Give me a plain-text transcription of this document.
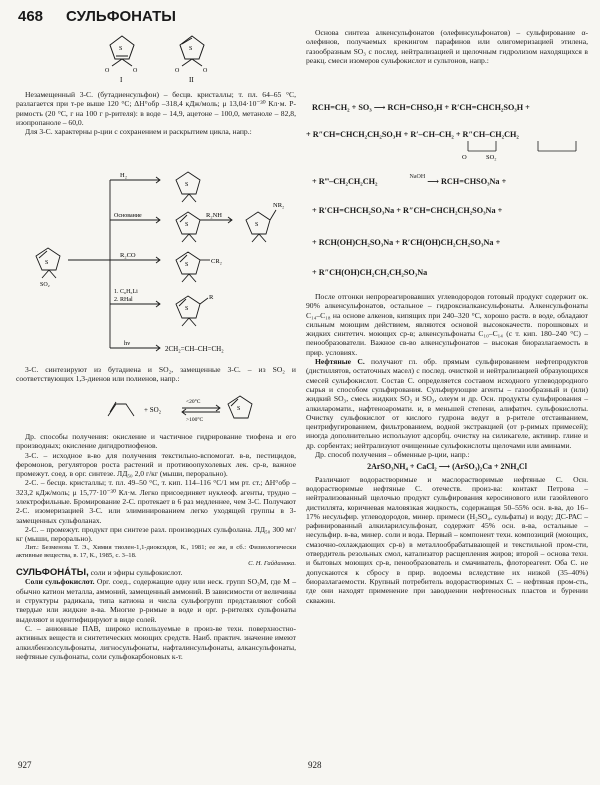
468 СУЛЬФОНАТЫ
S	S
O	O	O	O
I	II

Незамещенный 3-С. (бутадиенсульфон) – бесцв. кристаллы; т. пл. 64–65 °С, разлагается при т-ре выше 120 °С; ΔH°обр –318,4 кДж/моль; μ 13,04·10⁻³⁰ Кл·м. Р-римость (20 °С, г на 100 г р-рителя): в воде – 14,9, ацетоне – 100,0, метаноле – 82,8, изопропаноле – 60,0.

Для 3-С. характерны р-ции с сохранением и раскрытием цикла, напр.:

S
S
S	S
S
S
H₂
Основание	R₂NH
NR₂
R₂CO
CR₂
1. C₆H₅Li
2. RHal	R
hν
2CH₂=CH–CH=CH₂
SO₂

3-С. синтезируют из бутадиена и SO₂, замещенные 3-С. – из SO₂ и соответствующих 1,3-диенов или полиенов, напр.:

S
+ SO₂
<20°C
>100°C

Др. способы получения: окисление и частичное гидрирование тиофена и его производных; окисление дигидротиофенов.

3-С. – исходное в-во для получения текстильно-вспомогат. в-в, пестицидов, феромонов, регуляторов роста растений и противоопухолевых лек. ср-в, важное промежут. соед. в орг. синтезе. ЛД₅₀ 2,0 г/кг (мыши, перорально).

2-С. – бесцв. кристаллы; т. пл. 49–50 °С, т. кип. 114–116 °С/1 мм рт. ст.; ΔH°обр –323,2 кДж/моль; μ 15,77·10⁻³⁰ Кл·м. Легко присоединяет нуклеоф. агенты, трудно – электрофильные. Бромирование 2-С. протекает в 6 раз медленнее, чем 3-С. Получают 2-С. изомеризацией 3-С. или элиминированием легко уходящей группы в 3-замещенных сульфоланах.

2-С. – промежут. продукт при синтезе разл. производных сульфолана. ЛД₅₀ 300 мг/кг (мыши, перорально).

Лит.: Безменова Т. Э., Химия тиолен-1,1-диоксидов, К., 1981; ее же, в сб.: Физиологически активные вещества, в. 17, К., 1985, с. 3–18.

С. Н. Гайдамака.

СУЛЬФОНА́ТЫ, соли и эфиры сульфокислот.

Соли сульфокислот. Орг. соед., содержащие одну или неск. групп SO₃M, где M – обычно катион металла, аммоний, замещенный аммоний. В зависимости от величины и структуры радикала, типа катиона и числа сульфогрупп представляют собой твердые или жидкие в-ва. Многие р-римые в воде и орг. р-рителях сульфонаты выделяют и идентифицируют в виде солей.

С. – анионные ПАВ, широко используемые в произ-ве техн. поверхностно-активных веществ и синтетических моющих средств. Наиб. практич. значение имеют алкилбензолсульфонаты, лигносульфонаты, нафталинсульфонаты, алкансульфонаты, нефтяные сульфонаты, соли сульфокарбоновых к-т.

927

Основа синтеза алкенсульфонатов (олефинсульфонатов) – сульфирование α-олефинов, получаемых крекингом парафинов или олигомеризацией этилена, газообразным SO₃ с послед. нейтрализацией и щелочным гидролизом находящихся в реакц. смеси изомеров сульфокислот и сультонов, напр.:

RCH=CH₂ + SO₃ ⟶ RCH=CHSO₃H + R′CH=CHCH₂SO₃H +
+ R″CH=CHCH₂CH₂SO₃H + R′–CH–CH₂ + R″CH–CH₂CH₂
O	SO₂
+ R‴–CH₂CH₂CH₂	$^{NaOH}$ ⟶ RCH=CHSO₃Na +
+ R′CH=CHCH₂SO₃Na + R″CH=CHCH₂CH₂SO₃Na +
+ RCH(OH)CH₂SO₃Na + R′CH(OH)CH₂CH₂SO₃Na +
+ R″CH(OH)CH₂CH₂CH₂SO₃Na

После отгонки непрореагировавших углеводородов готовый продукт содержит ок. 90% алкенсульфонатов, остальное – гидроксиалкансульфонаты. Алкенсульфонаты C₁₄–C₁₈ на основе алкенов, кипящих при 240–320 °С, хорошо раств. в воде, обладают сильным моющим действием, являются основой высококачеств. порошковых и жидких синтетич. моющих ср-в; алкенсульфонаты C₁₀–C₁₄ (с т. кип. 180–240 °С) – пенообразователи. Важное св-во алкенсульфонатов – высокая биоразлагаемость в прир. условиях.

Нефтяные С. получают гл. обр. прямым сульфированием нефтепродуктов (дистиллятов, остаточных масел) с послед. очисткой и нейтрализацией образующихся смесей сульфокислот. Состав С. определяется составом исходного углеводородного сырья и способом сульфирования. Сульфирующие агенты – газообразный и (или) жидкий SO₃, смесь жидких SO₂ и SO₃, олеум и др. Осн. продукты сульфирования – алкиларомати., нафтеноаромати. и, в меньшей степени, алифатич. сульфокислоты. Очистку сульфокислот от кислого гудрона ведут в р-рителе отстаиванием, центрифугированием, фильтрованием, водной экстракцией (от р-римых примесей); иногда дополнительно используют адсорбц. очистку на силикагеле, активир. глине и др. сорбентах; нейтрализуют очищенные сульфокислоты щелочами или аминами.

Др. способ получения – обменные р-ции, напр.:

2ArSO₃NH₄ + CaCl₂ ⟶ (ArSO₃)₂Ca + 2NH₄Cl

Различают водорастворимые и маслорастворимые нефтяные С. Осн. водорастворимые нефтяные С. отечеств. произ-ва: контакт Петрова – нейтрализованный щелочью продукт сульфирования керосинового или газойлевого дистиллята, коричневая маловязкая жидкость, содержащая 50–55% осн. в-ва, до 16–17% несульфир. углеводородов, минер. примеси (H₂SO₄, сульфаты) и воду; ДС-РАС – рафинированный алкиларилсульфонат, содержит 45% осн. в-ва, остальные – несульфир. в-ва, минер. соли и вода. Первый – компонент техн. композиций (моющих, смазочно-охлаждающих ср-в) в металлообрабатывающей и текстильной пром-сти, отвердитель резольных смол, катализатор расщепления жиров; второй – основа техн. и бытовых моющих ср-в, пенообразователь и смачиватель, флотореагент. Оба С. не допускаются к сбросу в прир. водоемы вследствие их низкой (35–40%) биоразлагаемости. Крупный потребитель водорастворимых С. – нефтяная пром-сть, где они находят применение при заводнении нефтеносных пластов и бурении скважин.

928
